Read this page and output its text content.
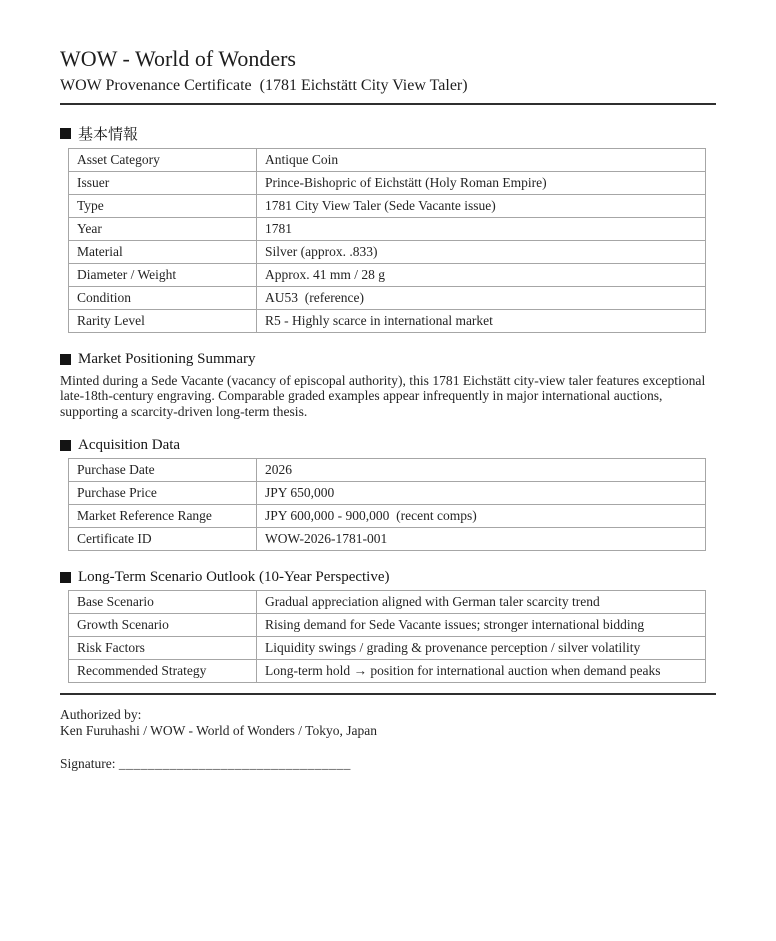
WOW - World of Wonders
WOW Provenance Certificate  (1781 Eichstätt City View Taler)
基本情報
Asset Category	Antique Coin
Issuer	Prince-Bishopric of Eichstätt (Holy Roman Empire)
Type	1781 City View Taler (Sede Vacante issue)
Year	1781
Material	Silver (approx. .833)
Diameter / Weight	Approx. 41 mm / 28 g
Condition	AU53  (reference)
Rarity Level	R5 - Highly scarce in international market
Market Positioning Summary

Minted during a Sede Vacante (vacancy of episcopal authority), this 1781 Eichstätt city-view taler features exceptional late-18th-century engraving. Comparable graded examples appear infrequently in major international auctions, supporting a scarcity-driven long-term thesis.

Acquisition Data
Purchase Date	2026
Purchase Price	JPY 650,000
Market Reference Range	JPY 600,000 - 900,000  (recent comps)
Certificate ID	WOW-2026-1781-001
Long-Term Scenario Outlook (10-Year Perspective)
Base Scenario	Gradual appreciation aligned with German taler scarcity trend
Growth Scenario	Rising demand for Sede Vacante issues; stronger international bidding
Risk Factors	Liquidity swings / grading & provenance perception / silver volatility
Recommended Strategy	Long-term hold → position for international auction when demand peaks
Authorized by:
Ken Furuhashi / WOW - World of Wonders / Tokyo, Japan
Signature: ________________________________
